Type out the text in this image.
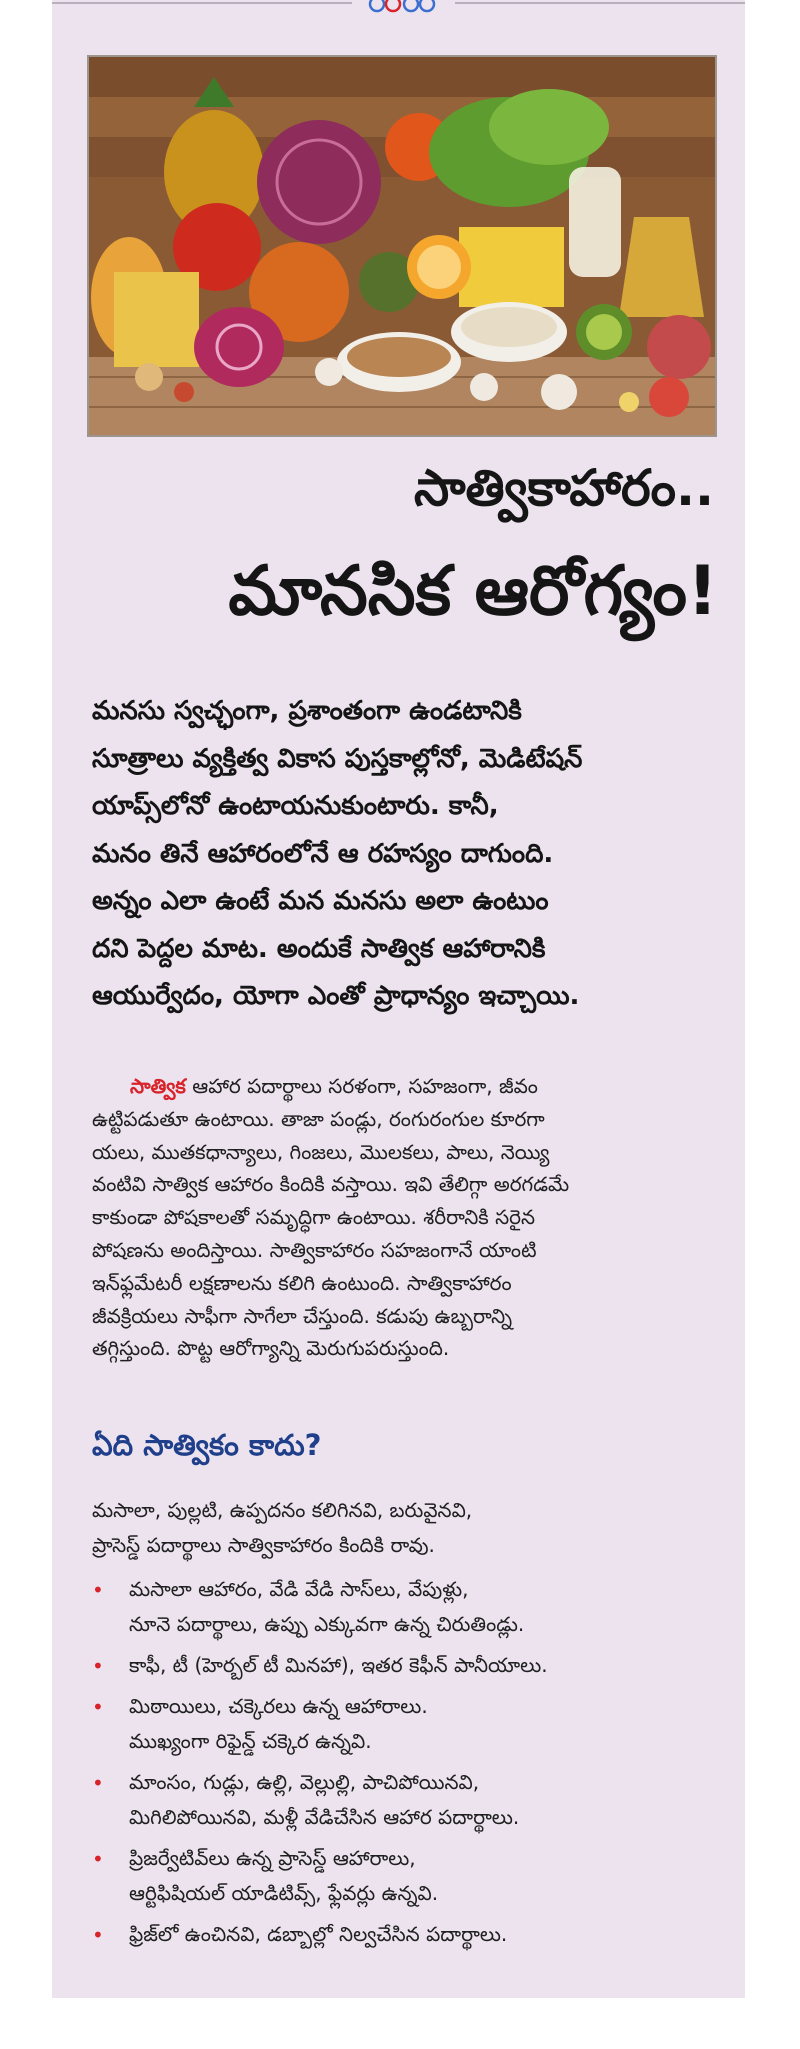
సాత్వికాహారం..
మానసిక ఆరోగ్యం!

మనసు స్వచ్ఛంగా, ప్రశాంతంగా ఉండటానికి

సూత్రాలు వ్యక్తిత్వ వికాస పుస్తకాల్లోనో, మెడిటేషన్

యాప్స్‌లోనో ఉంటాయనుకుంటారు. కానీ,

మనం తినే ఆహారంలోనే ఆ రహస్యం దాగుంది.

అన్నం ఎలా ఉంటే మన మనసు అలా ఉంటుం

దని పెద్దల మాట. అందుకే సాత్విక ఆహారానికి

ఆయుర్వేదం, యోగా ఎంతో ప్రాధాన్యం ఇచ్చాయి.

సాత్విక ఆహార పదార్థాలు సరళంగా, సహజంగా, జీవం

ఉట్టిపడుతూ ఉంటాయి. తాజా పండ్లు, రంగురంగుల కూరగా

యలు, ముతకధాన్యాలు, గింజలు, మొలకలు, పాలు, నెయ్యి

వంటివి సాత్విక ఆహారం కిందికి వస్తాయి. ఇవి తేలిగ్గా అరగడమే

కాకుండా పోషకాలతో సమృద్ధిగా ఉంటాయి. శరీరానికి సరైన

పోషణను అందిస్తాయి. సాత్వికాహారం సహజంగానే యాంటి

ఇన్‌ఫ్లమేటరీ లక్షణాలను కలిగి ఉంటుంది. సాత్వికాహారం

జీవక్రియలు సాఫీగా సాగేలా చేస్తుంది. కడుపు ఉబ్బరాన్ని

తగ్గిస్తుంది. పొట్ట ఆరోగ్యాన్ని మెరుగుపరుస్తుంది.

ఏది సాత్వికం కాదు?

మసాలా, పుల్లటి, ఉప్పదనం కలిగినవి, బరువైనవి,

ప్రాసెస్డ్ పదార్థాలు సాత్వికాహారం కిందికి రావు.

• మసాలా ఆహారం, వేడి వేడి సాస్‌లు, వేపుళ్లు,

నూనె పదార్థాలు, ఉప్పు ఎక్కువగా ఉన్న చిరుతిండ్లు.

• కాఫీ, టీ (హెర్బల్ టీ మినహా), ఇతర కెఫీన్ పానీయాలు.

• మిఠాయిలు, చక్కెరలు ఉన్న ఆహారాలు.

ముఖ్యంగా రిఫైన్డ్ చక్కెర ఉన్నవి.

• మాంసం, గుడ్లు, ఉల్లి, వెల్లుల్లి, పాచిపోయినవి,

మిగిలిపోయినవి, మళ్లీ వేడిచేసిన ఆహార పదార్థాలు.

• ప్రిజర్వేటివ్‌లు ఉన్న ప్రాసెస్డ్ ఆహారాలు,

ఆర్టిఫిషియల్ యాడిటివ్స్, ఫ్లేవర్లు ఉన్నవి.

• ఫ్రిజ్‌లో ఉంచినవి, డబ్బాల్లో నిల్వచేసిన పదార్థాలు.
